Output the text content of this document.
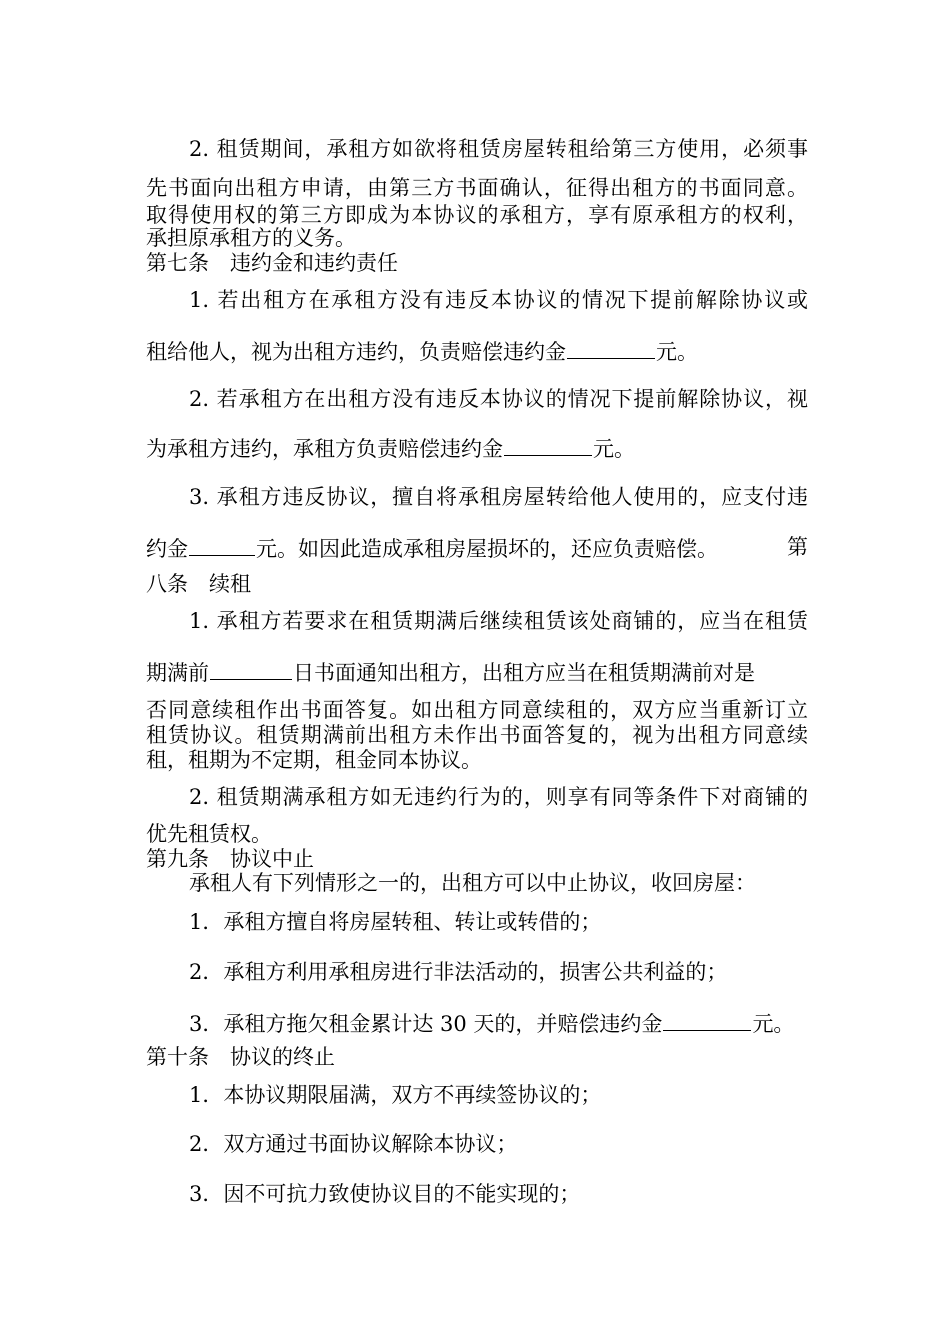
2. 租赁期间，承租方如欲将租赁房屋转租给第三方使用，必须事
先书面向出租方申请，由第三方书面确认，征得出租方的书面同意。
取得使用权的第三方即成为本协议的承租方，享有原承租方的权利，
承担原承租方的义务。
第七条　违约金和违约责任
1. 若出租方在承租方没有违反本协议的情况下提前解除协议或
租给他人，视为出租方违约，负责赔偿违约金	元。
2. 若承租方在出租方没有违反本协议的情况下提前解除协议，视
为承租方违约，承租方负责赔偿违约金	元。
3. 承租方违反协议，擅自将承租房屋转给他人使用的，应支付违
约金	元。如因此造成承租房屋损坏的，还应负责赔偿。	第
八条　续租
1. 承租方若要求在租赁期满后继续租赁该处商铺的，应当在租赁
期满前	日书面通知出租方，出租方应当在租赁期满前对是
否同意续租作出书面答复。如出租方同意续租的，双方应当重新订立
租赁协议。租赁期满前出租方未作出书面答复的，视为出租方同意续
租，租期为不定期，租金同本协议。
2. 租赁期满承租方如无违约行为的，则享有同等条件下对商铺的
优先租赁权。
第九条　协议中止
承租人有下列情形之一的，出租方可以中止协议，收回房屋：
1．承租方擅自将房屋转租、转让或转借的；
2．承租方利用承租房进行非法活动的，损害公共利益的；
3．承租方拖欠租金累计达 30 天的，并赔偿违约金	元。
第十条　协议的终止
1．本协议期限届满，双方不再续签协议的；
2．双方通过书面协议解除本协议；
3．因不可抗力致使协议目的不能实现的；
